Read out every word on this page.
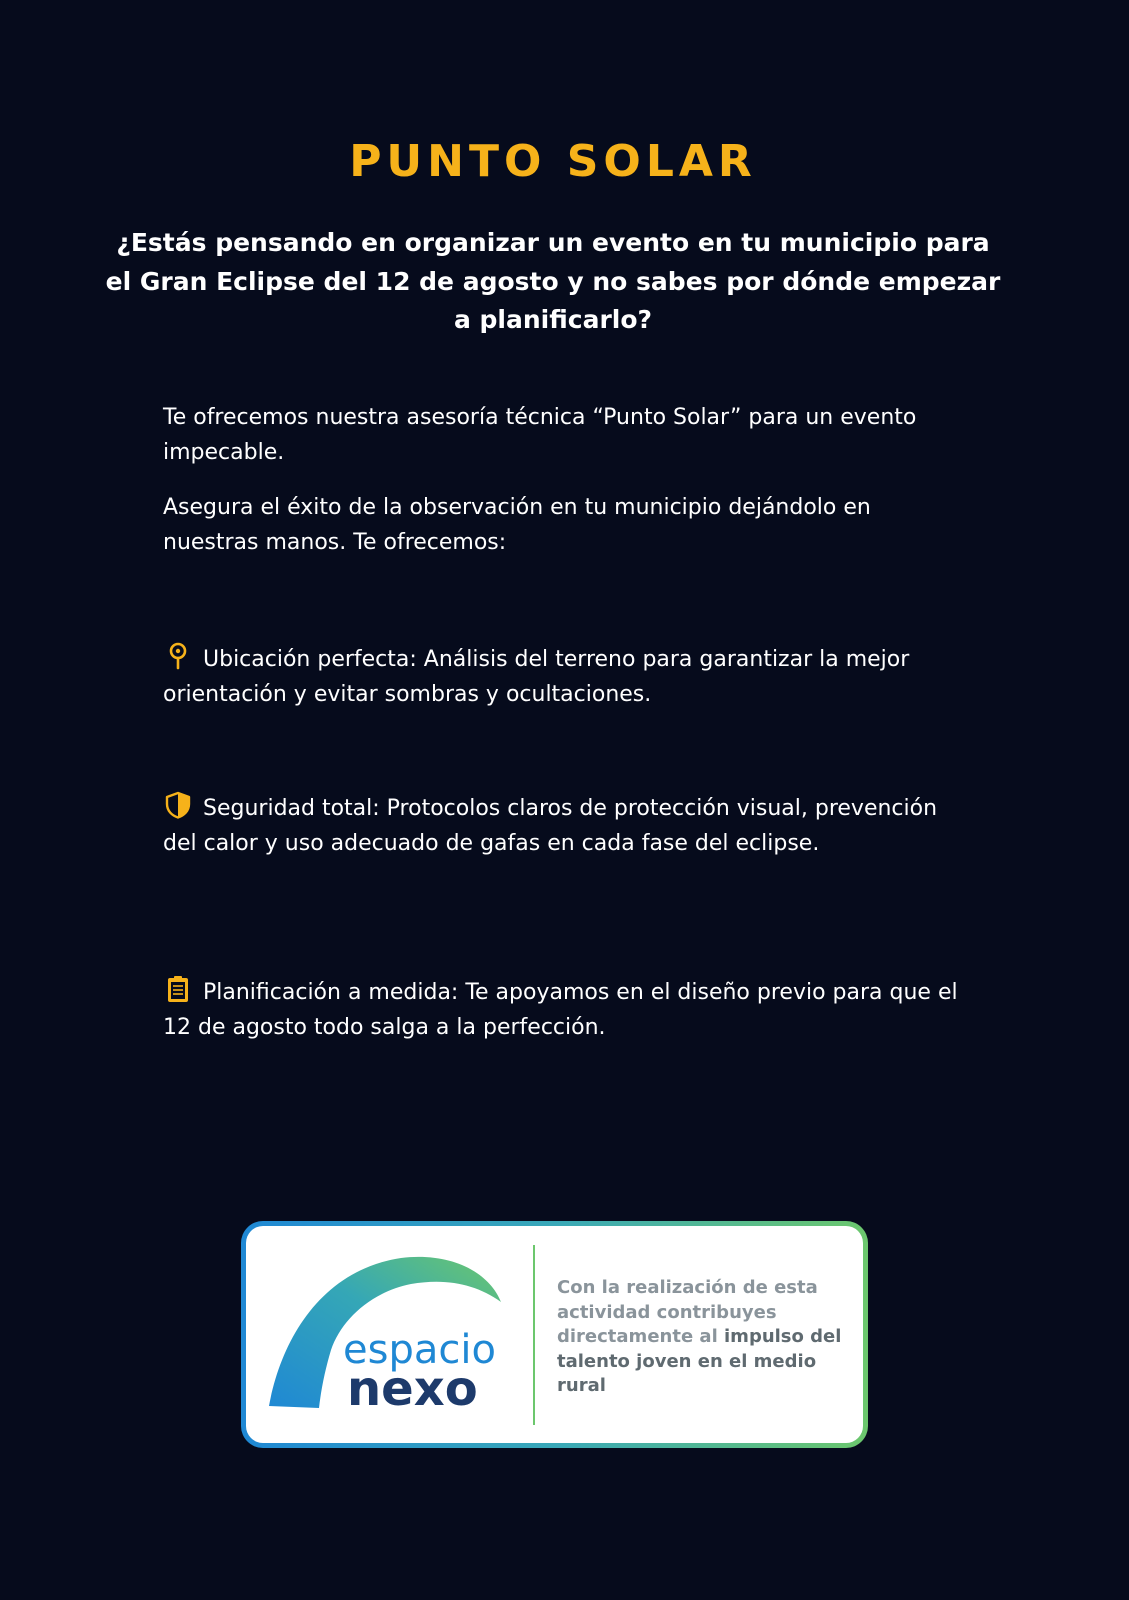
PUNTO SOLAR

¿Estás pensando en organizar un evento en tu municipio para el Gran Eclipse del 12 de agosto y no sabes por dónde empezar a planificarlo?

Te ofrecemos nuestra asesoría técnica “Punto Solar” para un evento impecable.

Asegura el éxito de la observación en tu municipio dejándolo en nuestras manos. Te ofrecemos:

Ubicación perfecta: Análisis del terreno para garantizar la mejor orientación y evitar sombras y ocultaciones.

Seguridad total: Protocolos claros de protección visual, prevención del calor y uso adecuado de gafas en cada fase del eclipse.

Planificación a medida: Te apoyamos en el diseño previo para que el 12 de agosto todo salga a la perfección.

espacio
nexo

Con la realización de esta actividad contribuyes directamente al impulso del talento joven en el medio rural
